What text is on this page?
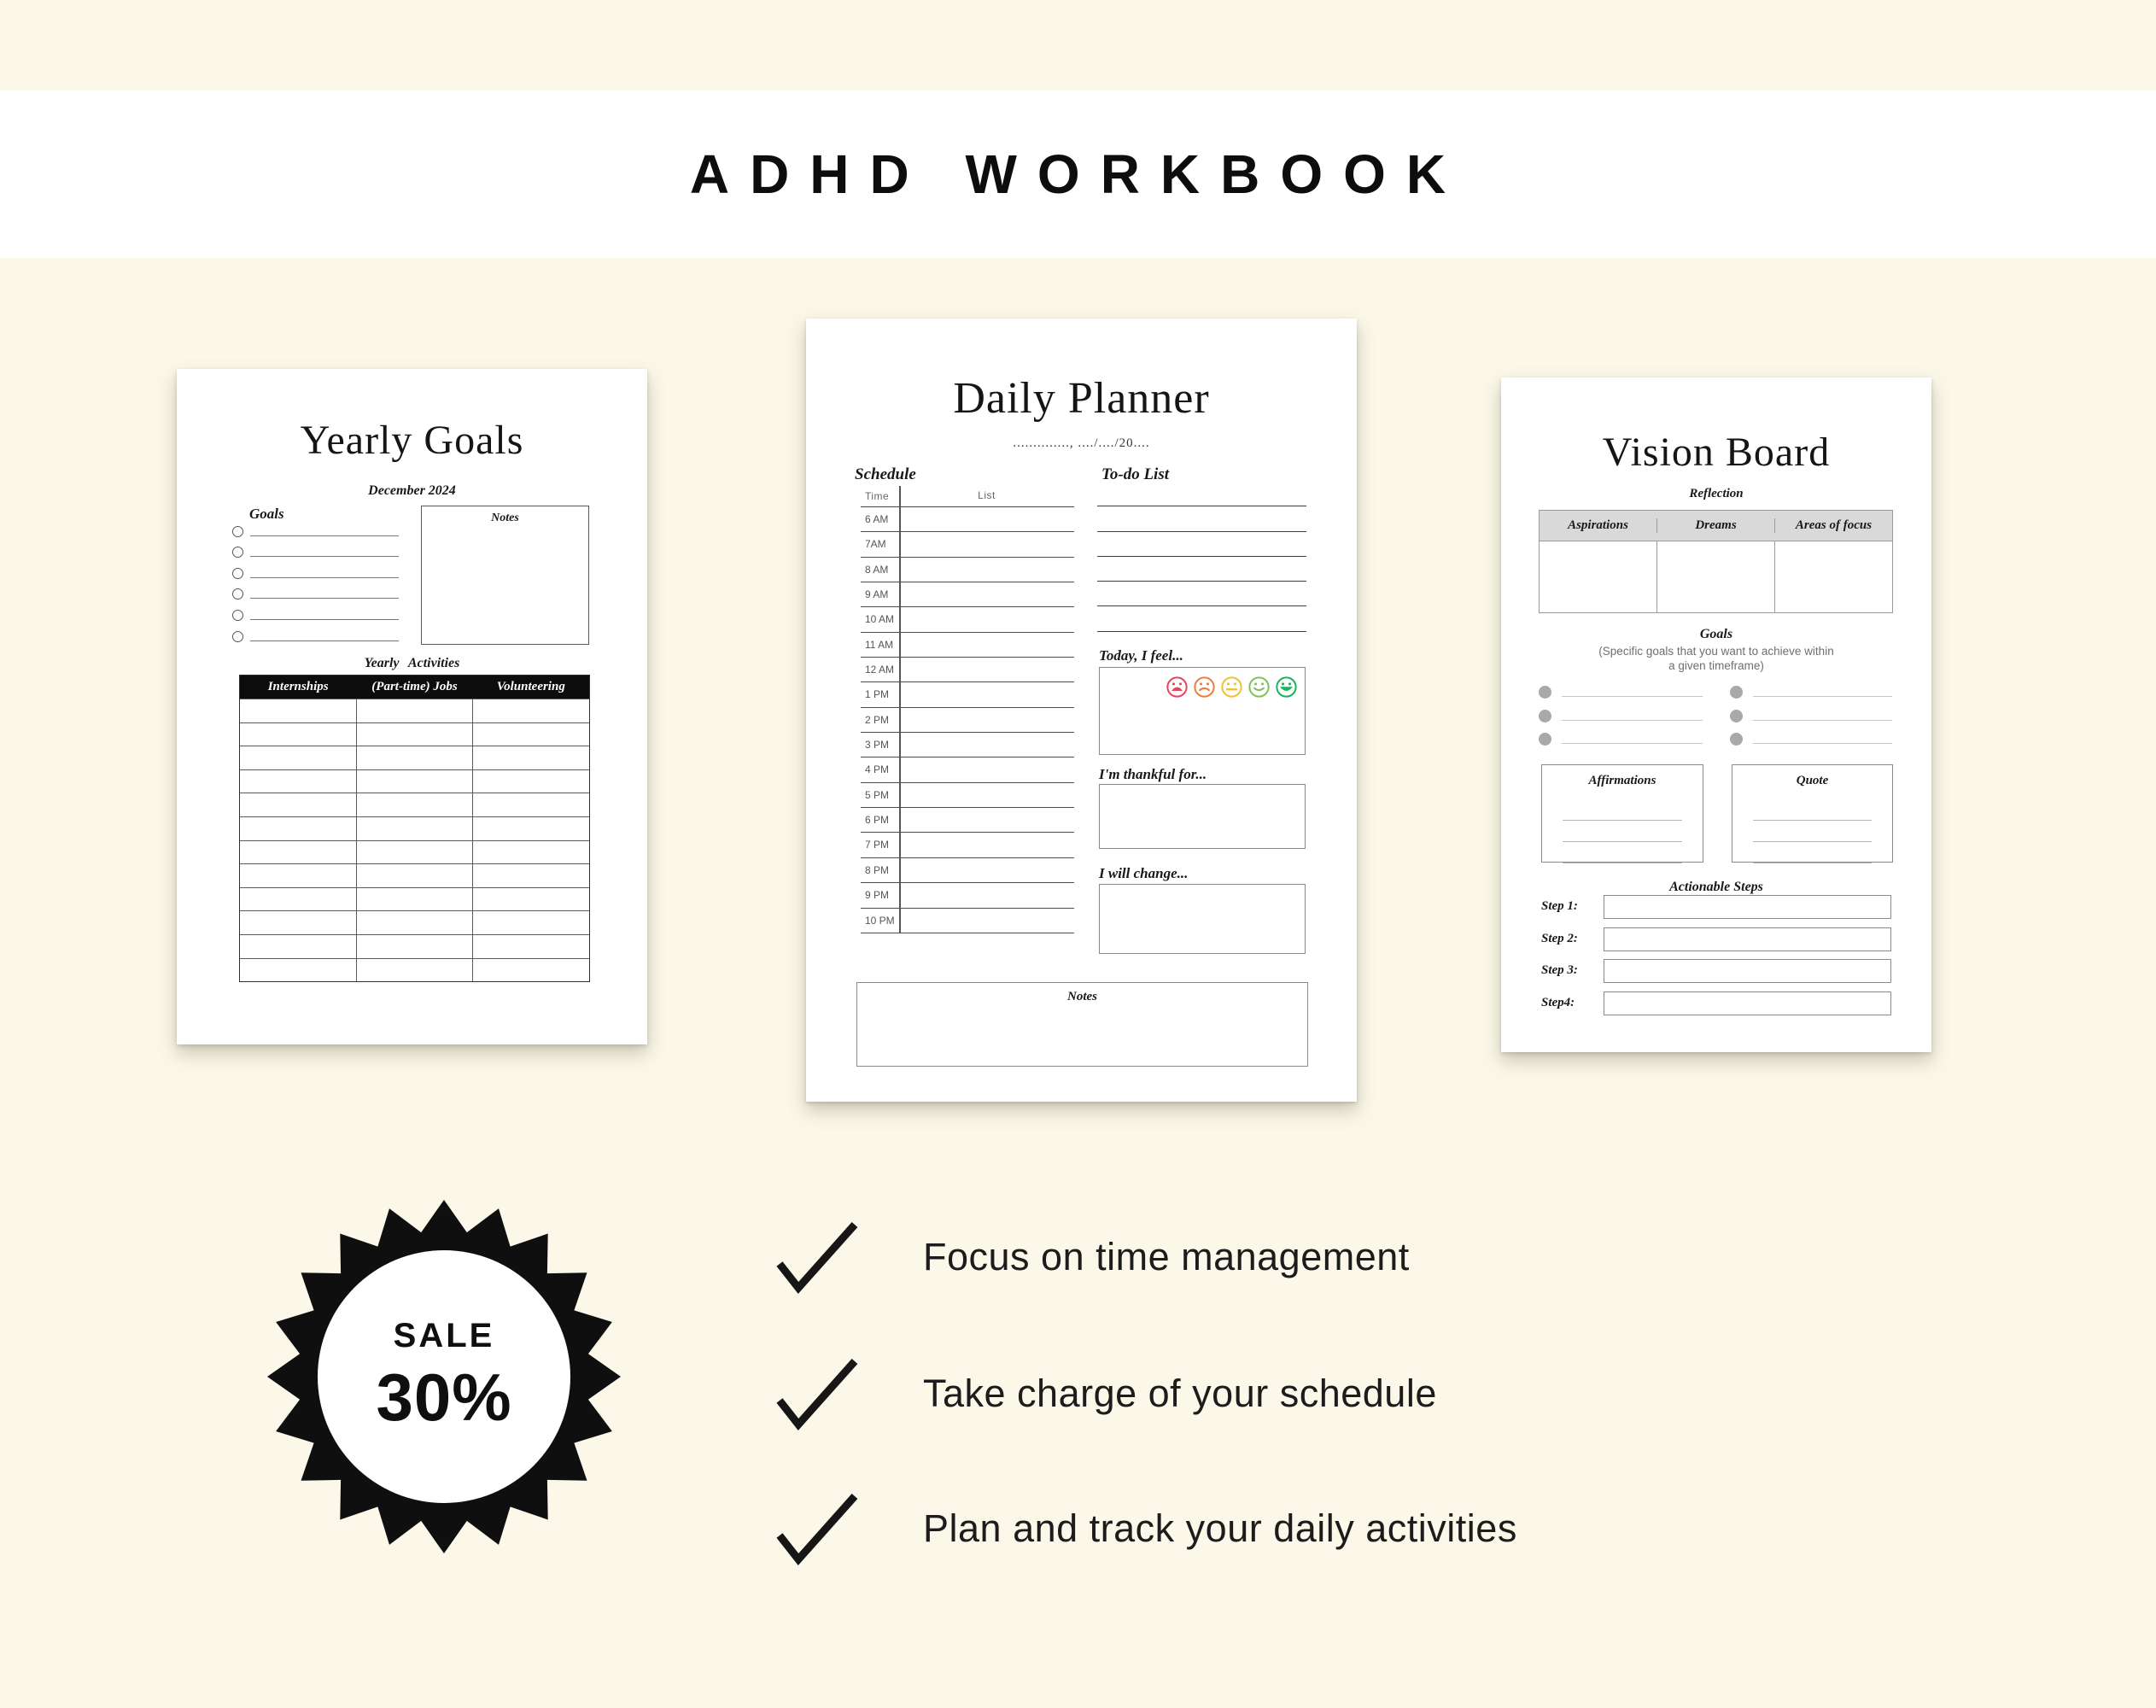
ADHD WORKBOOK
Yearly Goals
December 2024
Goals	Notes
Yearly Activities
Internships	(Part-time) Jobs	Volunteering
Daily Planner
.............., ..../..../20....
Schedule	To-do List
Time	List
6 AM
7AM
8 AM
9 AM
10 AM
11 AM
12 AM
1 PM
2 PM
3 PM
4 PM
5 PM
6 PM
7 PM
8 PM
9 PM
10 PM
Today, I feel...
I'm thankful for...
I will change...
Notes
Vision Board
Reflection
Aspirations	Dreams	Areas of focus
Goals
(Specific goals that you want to achieve within
a given timeframe)
Affirmations	Quote
Actionable Steps
Step 1:
Step 2:
Step 3:
Step4:
SALE
30%
Focus on time management
Take charge of your schedule
Plan and track your daily activities
